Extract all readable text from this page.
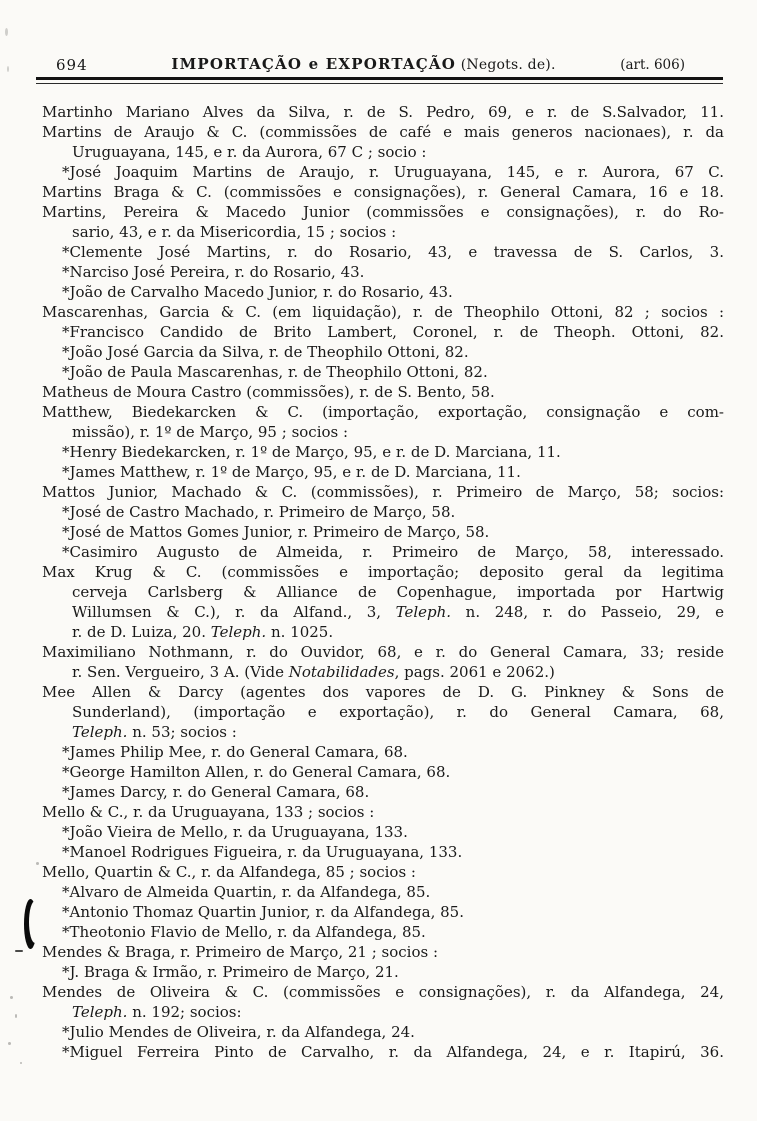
694	IMPORTAÇÃO e EXPORTAÇÃO (Negots. de).	(art. 606)
Martinho Mariano Alves da Silva, r. de S. Pedro, 69, e r. de S.Salvador, 11.
Martins de Araujo & C. (commissões de café e mais generos nacionaes), r. da
Uruguayana, 145, e r. da Aurora, 67 C ; socio :
*José Joaquim Martins de Araujo, r. Uruguayana, 145, e r. Aurora, 67 C.
Martins Braga & C. (commissões e consignações), r. General Camara, 16 e 18.
Martins, Pereira & Macedo Junior (commissões e consignações), r. do Ro-
sario, 43, e r. da Misericordia, 15 ; socios :
*Clemente José Martins, r. do Rosario, 43, e travessa de S. Carlos, 3.
*Narciso José Pereira, r. do Rosario, 43.
*João de Carvalho Macedo Junior, r. do Rosario, 43.
Mascarenhas, Garcia & C. (em liquidação), r. de Theophilo Ottoni, 82 ; socios :
*Francisco Candido de Brito Lambert, Coronel, r. de Theoph. Ottoni, 82.
*João José Garcia da Silva, r. de Theophilo Ottoni, 82.
*João de Paula Mascarenhas, r. de Theophilo Ottoni, 82.
Matheus de Moura Castro (commissões), r. de S. Bento, 58.
Matthew, Biedekarcken & C. (importação, exportação, consignação e com-
missão), r. 1º de Março, 95 ; socios :
*Henry Biedekarcken, r. 1º de Março, 95, e r. de D. Marciana, 11.
*James Matthew, r. 1º de Março, 95, e r. de D. Marciana, 11.
Mattos Junior, Machado & C. (commissões), r. Primeiro de Março, 58; socios:
*José de Castro Machado, r. Primeiro de Março, 58.
*José de Mattos Gomes Junior, r. Primeiro de Março, 58.
*Casimiro Augusto de Almeida, r. Primeiro de Março, 58, interessado.
Max Krug & C. (commissões e importação; deposito geral da legitima
cerveja Carlsberg & Alliance de Copenhague, importada por Hartwig
Willumsen & C.), r. da Alfand., 3, Teleph. n. 248, r. do Passeio, 29, e
r. de D. Luiza, 20. Teleph. n. 1025.
Maximiliano Nothmann, r. do Ouvidor, 68, e r. do General Camara, 33; reside
r. Sen. Vergueiro, 3 A. (Vide Notabilidades, pags. 2061 e 2062.)
Mee Allen & Darcy (agentes dos vapores de D. G. Pinkney & Sons de
Sunderland), (importação e exportação), r. do General Camara, 68,
Teleph. n. 53; socios :
*James Philip Mee, r. do General Camara, 68.
*George Hamilton Allen, r. do General Camara, 68.
*James Darcy, r. do General Camara, 68.
Mello & C., r. da Uruguayana, 133 ; socios :
*João Vieira de Mello, r. da Uruguayana, 133.
*Manoel Rodrigues Figueira, r. da Uruguayana, 133.
Mello, Quartin & C., r. da Alfandega, 85 ; socios :
*Alvaro de Almeida Quartin, r. da Alfandega, 85.
*Antonio Thomaz Quartin Junior, r. da Alfandega, 85.
*Theotonio Flavio de Mello, r. da Alfandega, 85.
Mendes & Braga, r. Primeiro de Março, 21 ; socios :
*J. Braga & Irmão, r. Primeiro de Março, 21.
Mendes de Oliveira & C. (commissões e consignações), r. da Alfandega, 24,
Teleph. n. 192; socios:
*Julio Mendes de Oliveira, r. da Alfandega, 24.
*Miguel Ferreira Pinto de Carvalho, r. da Alfandega, 24, e r. Itapirú, 36.
